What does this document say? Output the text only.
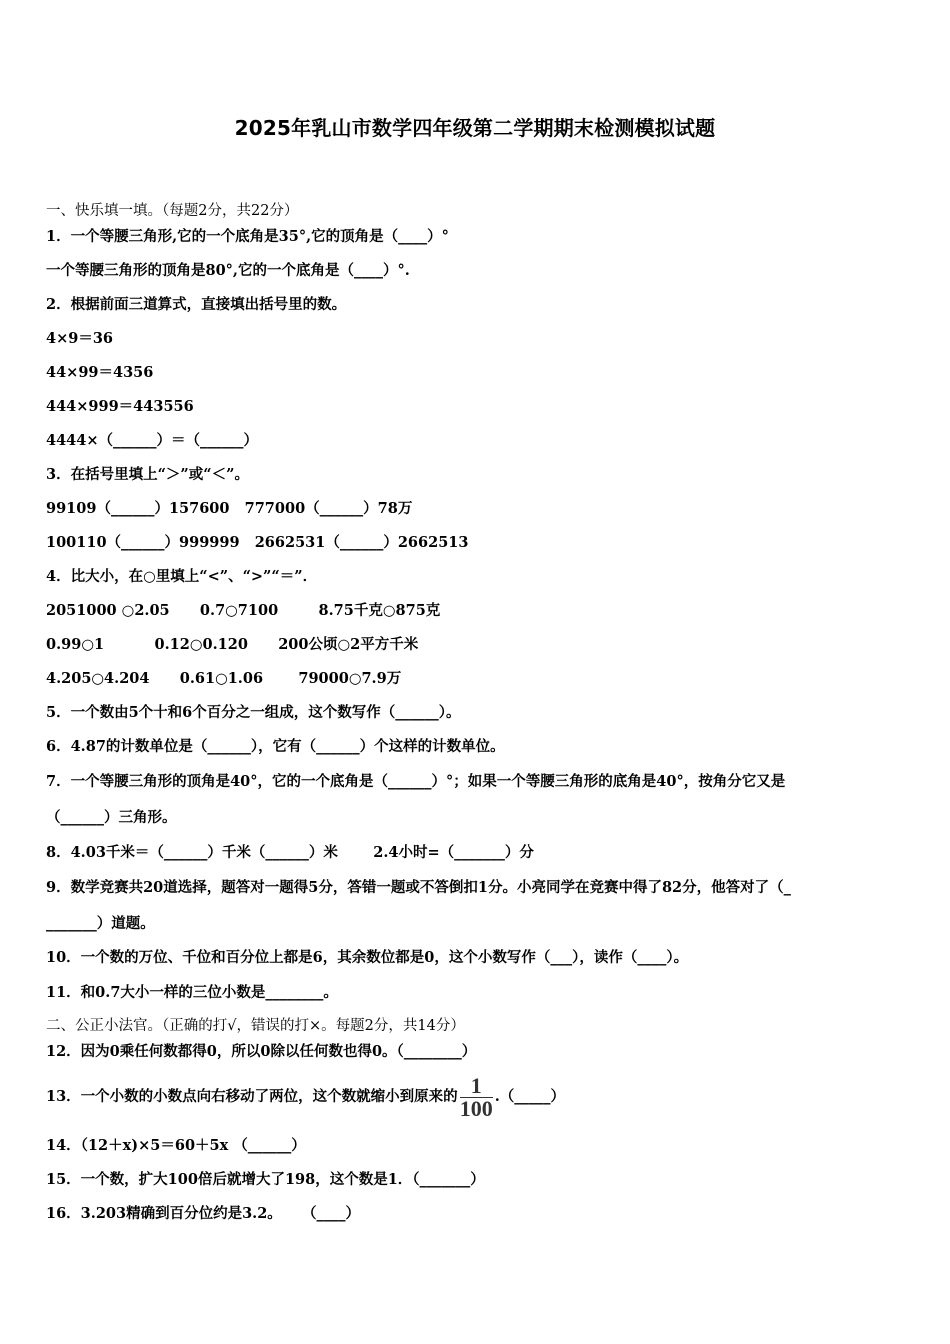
2025年乳山市数学四年级第二学期期末检测模拟试题
一、快乐填一填。（每题2分，共22分）
1．一个等腰三角形,它的一个底角是35°,它的顶角是（____）°
一个等腰三角形的顶角是80°,它的一个底角是（____）°.
2．根据前面三道算式，直接填出括号里的数。
4×9＝36
44×99＝4356
444×999＝443556
4444×（______）＝（______）
3．在括号里填上“＞”或“＜”。
99109（______）157600   777000（______）78万
100110（______）999999   2662531（______）2662513
4．比大小，在○里填上“<”、“>”“＝”．
2051000 ○2.05      0.7○7100        8.75千克○875克
0.99○1          0.12○0.120      200公顷○2平方千米
4.205○4.204      0.61○1.06       79000○7.9万
5．一个数由5个十和6个百分之一组成，这个数写作（______）。
6．4.87的计数单位是（______），它有（______）个这样的计数单位。
7．一个等腰三角形的顶角是40°，它的一个底角是（______）°；如果一个等腰三角形的底角是40°，按角分它又是
（______）三角形。
8．4.03千米＝（______）千米（______）米       2.4小时=（_______）分
9．数学竞赛共20道选择，题答对一题得5分，答错一题或不答倒扣1分。小亮同学在竞赛中得了82分，他答对了（_
_______）道题。
10．一个数的万位、千位和百分位上都是6，其余数位都是0，这个小数写作（___），读作（____）。
11．和0.7大小一样的三位小数是________。
二、公正小法官。（正确的打√，错误的打×。每题2分，共14分）
12．因为0乘任何数都得0，所以0除以任何数也得0。（________）
13．一个小数的小数点向右移动了两位，这个数就缩小到原来的 $\frac{1}{100}$ .（_____）
14．（12＋x)×5＝60＋5x （______）
15．一个数，扩大100倍后就增大了198，这个数是1．（_______）
16．3.203精确到百分位约是3.2。    （____）
